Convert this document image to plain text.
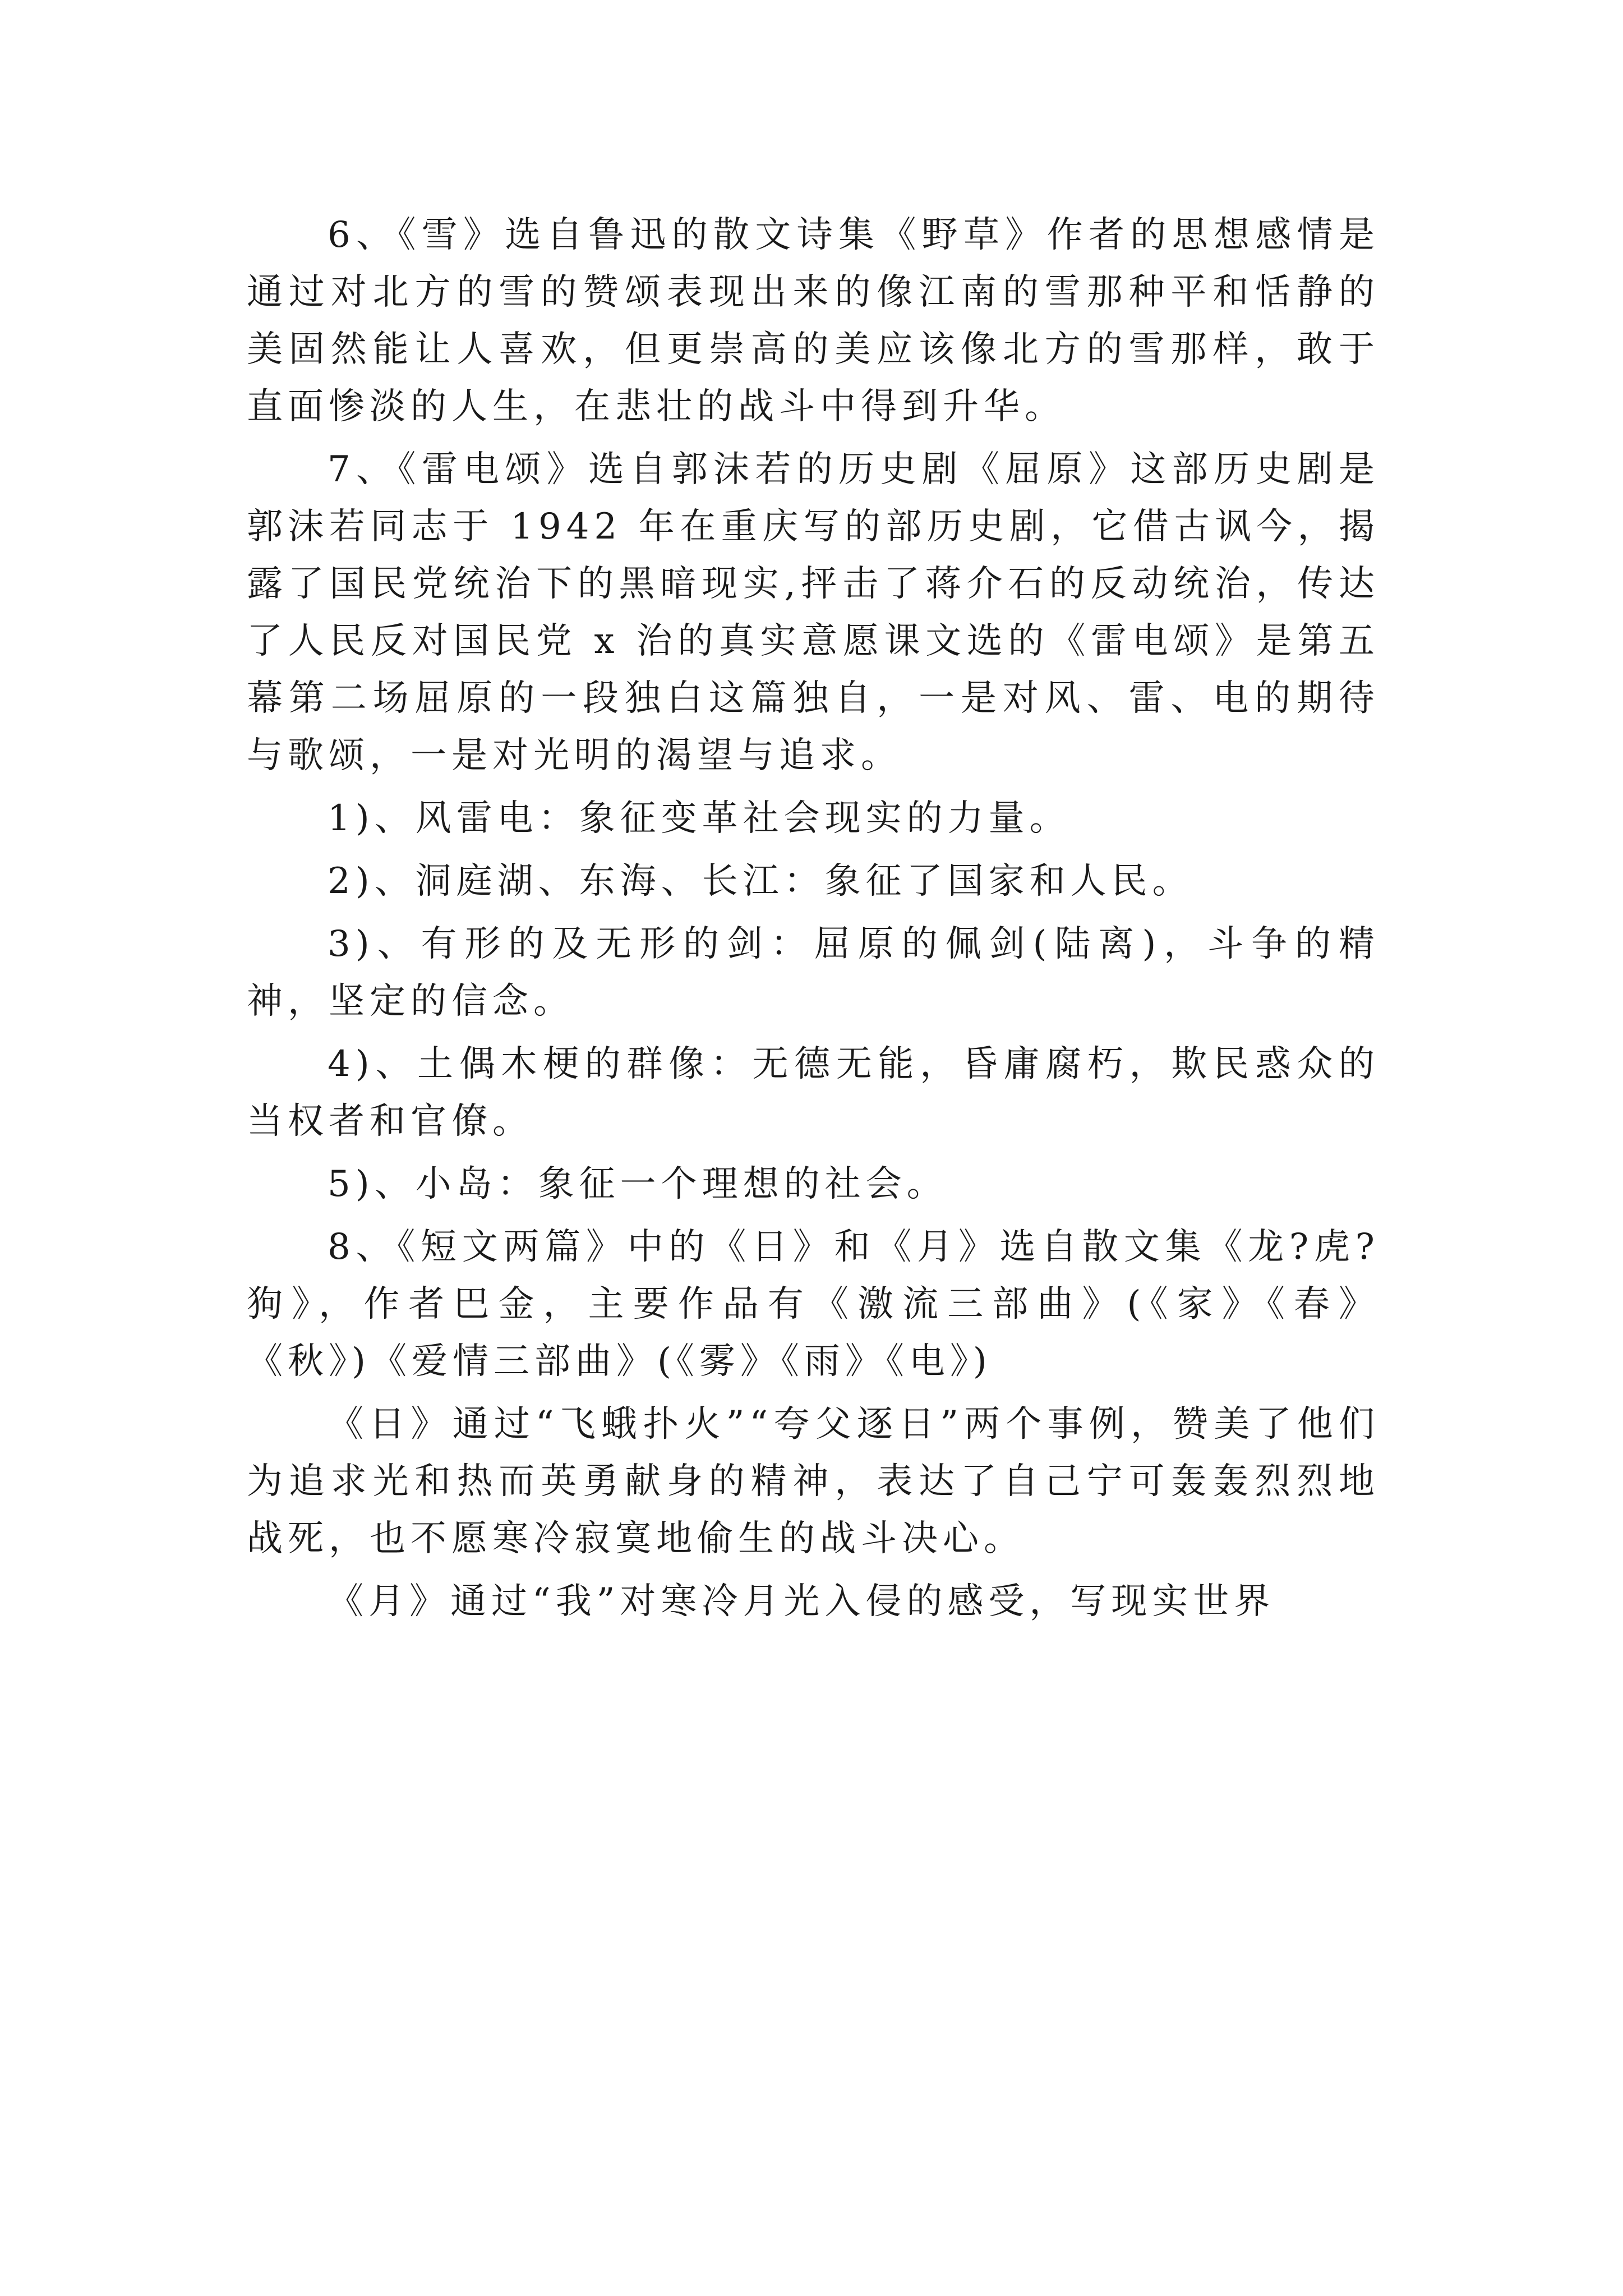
6、《雪》选自鲁迅的散文诗集《野草》作者的思想感情是通过对北方的雪的赞颂表现出来的像江南的雪那种平和恬静的美固然能让人喜欢，但更崇高的美应该像北方的雪那样，敢于直面惨淡的人生，在悲壮的战斗中得到升华。

7、《雷电颂》选自郭沫若的历史剧《屈原》这部历史剧是郭沫若同志于 1942 年在重庆写的部历史剧，它借古讽今，揭露了国民党统治下的黑暗现实,抨击了蒋介石的反动统治，传达了人民反对国民党 x 治的真实意愿课文选的《雷电颂》是第五幕第二场屈原的一段独白这篇独自，一是对风、雷、电的期待与歌颂，一是对光明的渴望与追求。

1)、风雷电：象征变革社会现实的力量。

2)、洞庭湖、东海、长江：象征了国家和人民。

3)、有形的及无形的剑：屈原的佩剑(陆离)，斗争的精神，坚定的信念。

4)、土偶木梗的群像：无德无能，昏庸腐朽，欺民惑众的当权者和官僚。

5)、小岛：象征一个理想的社会。

8、《短文两篇》中的《日》和《月》选自散文集《龙?虎?狗》，作者巴金，主要作品有《激流三部曲》(《家》《春》《秋》)《爱情三部曲》(《雾》《雨》《电》)

《日》通过“飞蛾扑火”“夸父逐日”两个事例，赞美了他们为追求光和热而英勇献身的精神，表达了自己宁可轰轰烈烈地战死，也不愿寒冷寂寞地偷生的战斗决心。

《月》通过“我”对寒冷月光入侵的感受，写现实世界
